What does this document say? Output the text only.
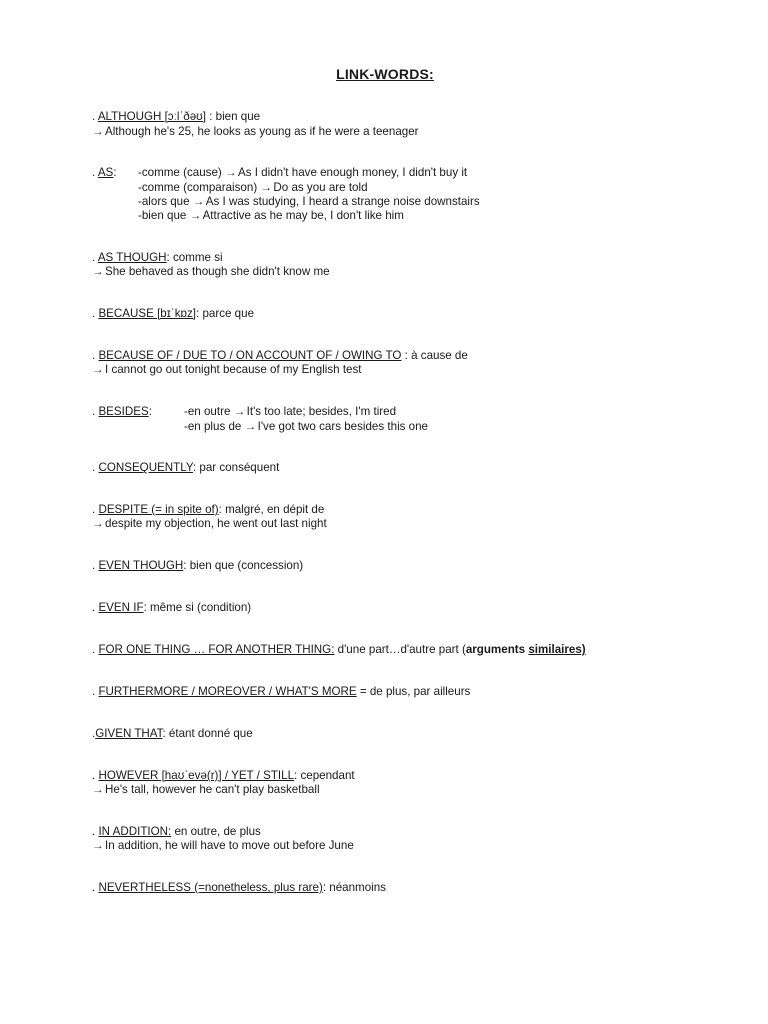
LINK-WORDS:
. ALTHOUGH [ɔːlˈðəʊ] : bien que
→Although he's 25, he looks as young as if he were a teenager
. AS: -comme (cause) →As I didn't have enough money, I didn't buy it
-comme (comparaison) →Do as you are told
-alors que →As I was studying, I heard a strange noise downstairs
-bien que →Attractive as he may be, I don't like him
. AS THOUGH: comme si
→She behaved as though she didn't know me
. BECAUSE [bɪˈkɒz]: parce que
. BECAUSE OF / DUE TO / ON ACCOUNT OF / OWING TO : à cause de
→I cannot go out tonight because of my English test
. BESIDES:	-en outre →It's too late; besides, I'm tired
-en plus de →I've got two cars besides this one
. CONSEQUENTLY: par conséquent
. DESPITE (= in spite of): malgré, en dépit de
→despite my objection, he went out last night
. EVEN THOUGH: bien que (concession)
. EVEN IF: même si (condition)
. FOR ONE THING … FOR ANOTHER THING: d'une part…d'autre part (arguments similaires)
. FURTHERMORE / MOREOVER / WHAT'S MORE = de plus, par ailleurs
.GIVEN THAT: étant donné que
. HOWEVER [haʊˈevə(r)] / YET / STILL: cependant
→He's tall, however he can't play basketball
. IN ADDITION: en outre, de plus
→In addition, he will have to move out before June
. NEVERTHELESS (=nonetheless, plus rare): néanmoins
